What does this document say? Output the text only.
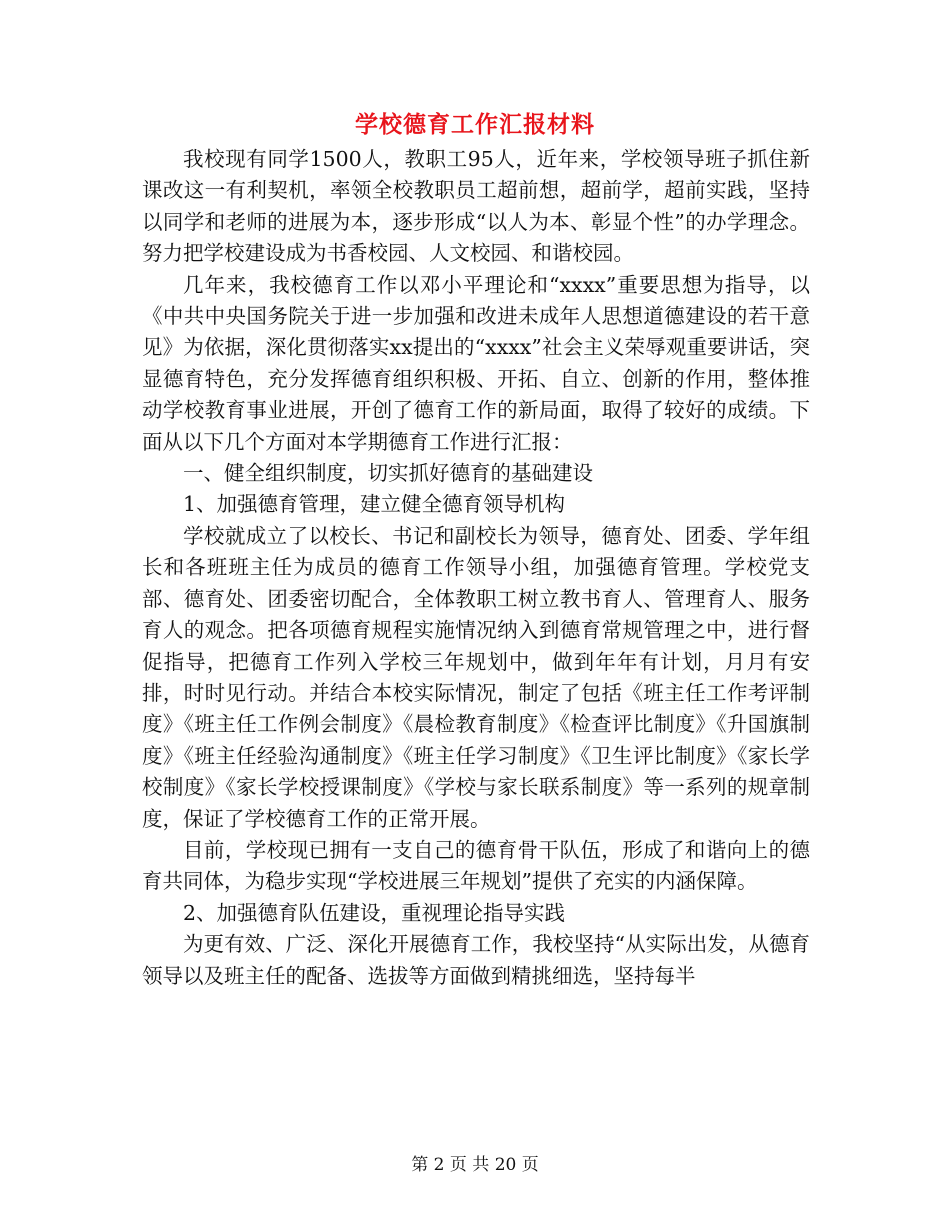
学校德育工作汇报材料

我校现有同学1500人，教职工95人，近年来，学校领导班子抓住新课改这一有利契机，率领全校教职员工超前想，超前学，超前实践，坚持以同学和老师的进展为本，逐步形成“以人为本、彰显个性”的办学理念。努力把学校建设成为书香校园、人文校园、和谐校园。

几年来，我校德育工作以邓小平理论和“xxxx”重要思想为指导，以《中共中央国务院关于进一步加强和改进未成年人思想道德建设的若干意见》为依据，深化贯彻落实xx提出的“xxxx”社会主义荣辱观重要讲话，突显德育特色，充分发挥德育组织积极、开拓、自立、创新的作用，整体推动学校教育事业进展，开创了德育工作的新局面，取得了较好的成绩。下面从以下几个方面对本学期德育工作进行汇报：

一、健全组织制度，切实抓好德育的基础建设

1、加强德育管理，建立健全德育领导机构

学校就成立了以校长、书记和副校长为领导，德育处、团委、学年组长和各班班主任为成员的德育工作领导小组，加强德育管理。学校党支部、德育处、团委密切配合，全体教职工树立教书育人、管理育人、服务育人的观念。把各项德育规程实施情况纳入到德育常规管理之中，进行督促指导，把德育工作列入学校三年规划中，做到年年有计划，月月有安排，时时见行动。并结合本校实际情况，制定了包括《班主任工作考评制度》《班主任工作例会制度》《晨检教育制度》《检查评比制度》《升国旗制度》《班主任经验沟通制度》《班主任学习制度》《卫生评比制度》《家长学校制度》《家长学校授课制度》《学校与家长联系制度》等一系列的规章制度，保证了学校德育工作的正常开展。

目前，学校现已拥有一支自己的德育骨干队伍，形成了和谐向上的德育共同体，为稳步实现“学校进展三年规划”提供了充实的内涵保障。

2、加强德育队伍建设，重视理论指导实践

为更有效、广泛、深化开展德育工作，我校坚持“从实际出发，从德育领导以及班主任的配备、选拔等方面做到精挑细选，坚持每半

第 2 页 共 20 页
